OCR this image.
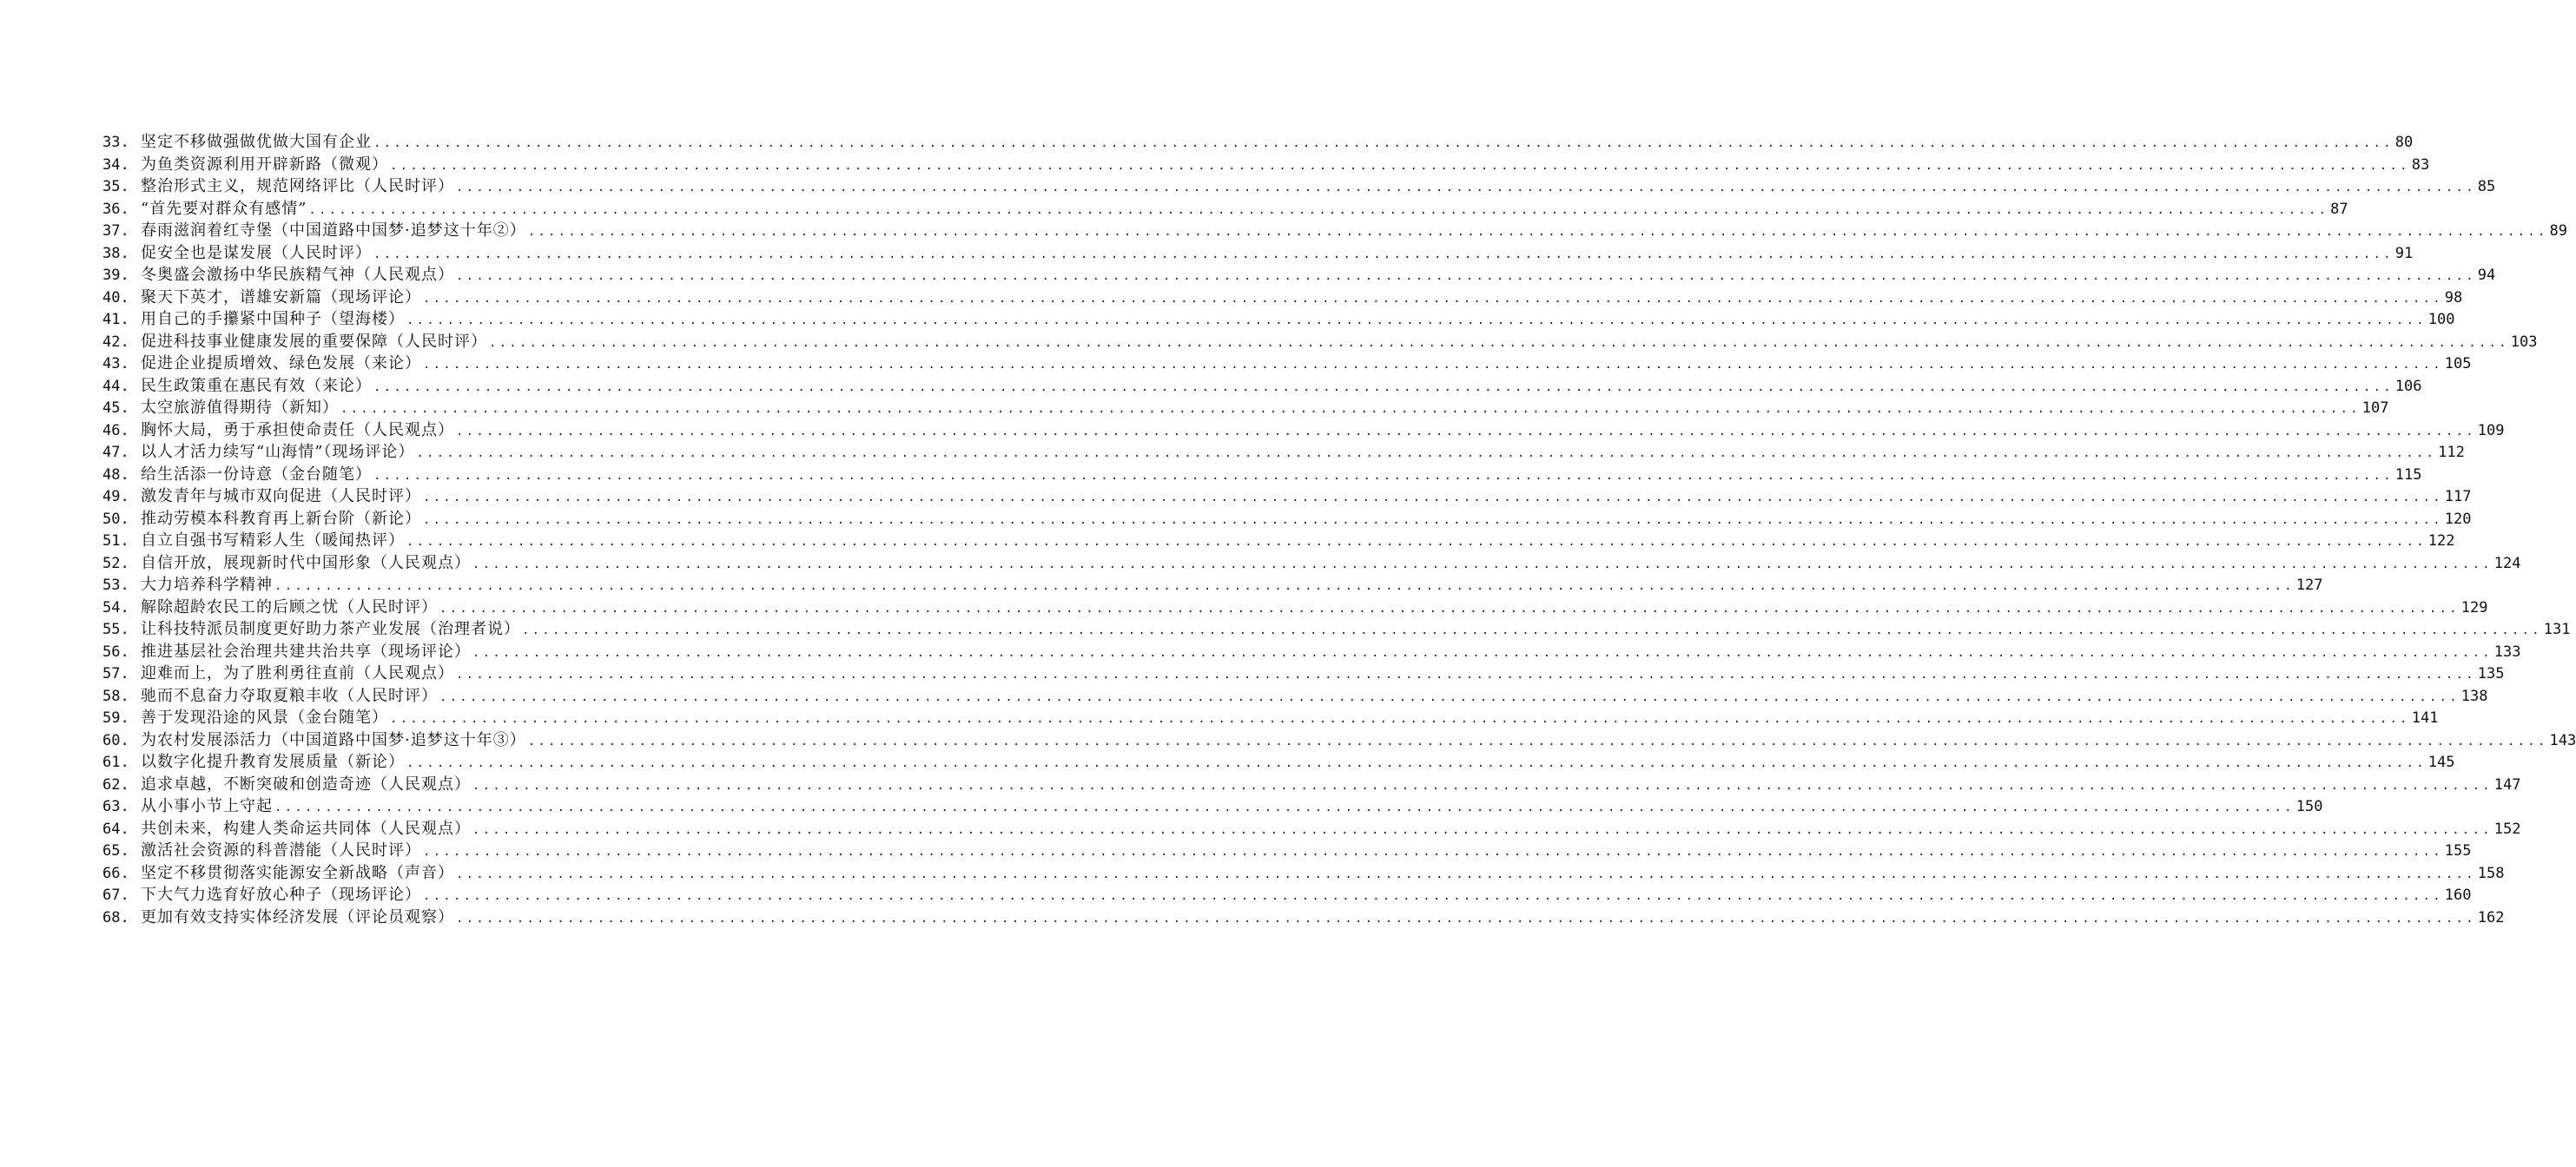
33. 坚定不移做强做优做大国有企业 ........................................................................................................................................................................................................ 80
34. 为鱼类资源利用开辟新路（微观） ........................................................................................................................................................................................................ 83
35. 整治形式主义，规范网络评比（人民时评） ........................................................................................................................................................................................................ 85
36. “首先要对群众有感情” ........................................................................................................................................................................................................ 87
37. 春雨滋润着红寺堡（中国道路中国梦·追梦这十年②） ........................................................................................................................................................................................................ 89
38. 促安全也是谋发展（人民时评） ........................................................................................................................................................................................................ 91
39. 冬奥盛会激扬中华民族精气神（人民观点） ........................................................................................................................................................................................................ 94
40. 聚天下英才，谱雄安新篇（现场评论） ........................................................................................................................................................................................................ 98
41. 用自己的手攥紧中国种子（望海楼） ........................................................................................................................................................................................................ 100
42. 促进科技事业健康发展的重要保障（人民时评） ........................................................................................................................................................................................................ 103
43. 促进企业提质增效、绿色发展（来论） ........................................................................................................................................................................................................ 105
44. 民生政策重在惠民有效（来论） ........................................................................................................................................................................................................ 106
45. 太空旅游值得期待（新知） ........................................................................................................................................................................................................ 107
46. 胸怀大局，勇于承担使命责任（人民观点） ........................................................................................................................................................................................................ 109
47. 以人才活力续写“山海情”（现场评论） ........................................................................................................................................................................................................ 112
48. 给生活添一份诗意（金台随笔） ........................................................................................................................................................................................................ 115
49. 激发青年与城市双向促进（人民时评） ........................................................................................................................................................................................................ 117
50. 推动劳模本科教育再上新台阶（新论） ........................................................................................................................................................................................................ 120
51. 自立自强书写精彩人生（暖闻热评） ........................................................................................................................................................................................................ 122
52. 自信开放，展现新时代中国形象（人民观点） ........................................................................................................................................................................................................ 124
53. 大力培养科学精神 ........................................................................................................................................................................................................ 127
54. 解除超龄农民工的后顾之忧（人民时评） ........................................................................................................................................................................................................ 129
55. 让科技特派员制度更好助力茶产业发展（治理者说） ........................................................................................................................................................................................................ 131
56. 推进基层社会治理共建共治共享（现场评论） ........................................................................................................................................................................................................ 133
57. 迎难而上，为了胜利勇往直前（人民观点） ........................................................................................................................................................................................................ 135
58. 驰而不息奋力夺取夏粮丰收（人民时评） ........................................................................................................................................................................................................ 138
59. 善于发现沿途的风景（金台随笔） ........................................................................................................................................................................................................ 141
60. 为农村发展添活力（中国道路中国梦·追梦这十年③） ........................................................................................................................................................................................................ 143
61. 以数字化提升教育发展质量（新论） ........................................................................................................................................................................................................ 145
62. 追求卓越，不断突破和创造奇迹（人民观点） ........................................................................................................................................................................................................ 147
63. 从小事小节上守起 ........................................................................................................................................................................................................ 150
64. 共创未来，构建人类命运共同体（人民观点） ........................................................................................................................................................................................................ 152
65. 激活社会资源的科普潜能（人民时评） ........................................................................................................................................................................................................ 155
66. 坚定不移贯彻落实能源安全新战略（声音） ........................................................................................................................................................................................................ 158
67. 下大气力选育好放心种子（现场评论） ........................................................................................................................................................................................................ 160
68. 更加有效支持实体经济发展（评论员观察） ........................................................................................................................................................................................................ 162
